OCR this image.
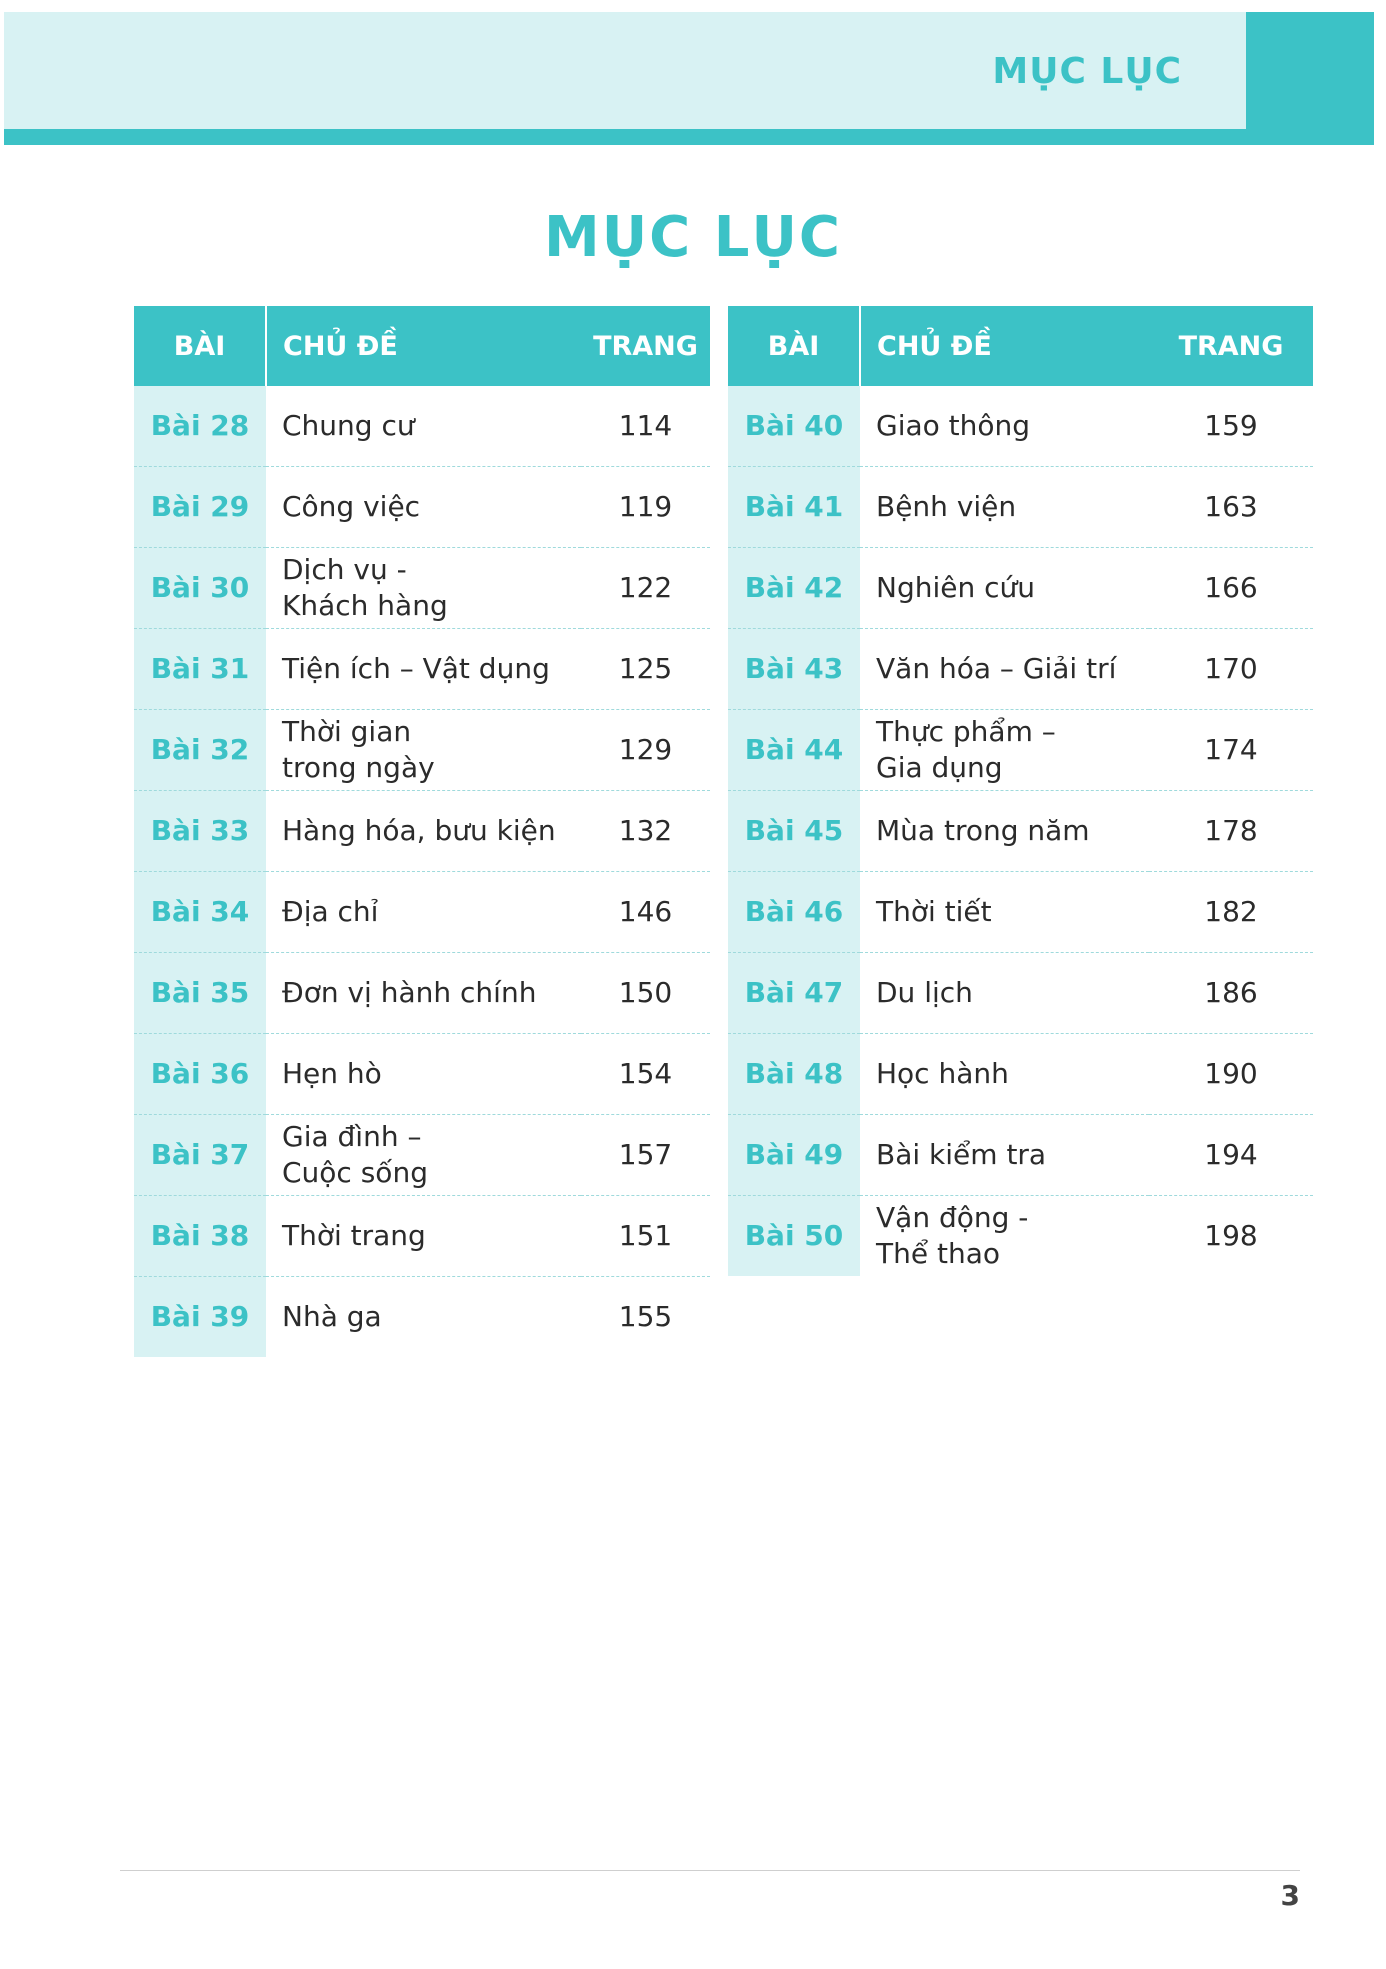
MỤC LỤC
MỤC LỤC
BÀI	CHỦ ĐỀ	TRANG
Bài 28	Chung cư	114
Bài 29	Công việc	119
Bài 30	Dịch vụ -
Khách hàng	122
Bài 31	Tiện ích – Vật dụng	125
Bài 32	Thời gian
trong ngày	129
Bài 33	Hàng hóa, bưu kiện	132
Bài 34	Địa chỉ	146
Bài 35	Đơn vị hành chính	150
Bài 36	Hẹn hò	154
Bài 37	Gia đình –
Cuộc sống	157
Bài 38	Thời trang	151
Bài 39	Nhà ga	155
BÀI	CHỦ ĐỀ	TRANG
Bài 40	Giao thông	159
Bài 41	Bệnh viện	163
Bài 42	Nghiên cứu	166
Bài 43	Văn hóa – Giải trí	170
Bài 44	Thực phẩm –
Gia dụng	174
Bài 45	Mùa trong năm	178
Bài 46	Thời tiết	182
Bài 47	Du lịch	186
Bài 48	Học hành	190
Bài 49	Bài kiểm tra	194
Bài 50	Vận động -
Thể thao	198
3
